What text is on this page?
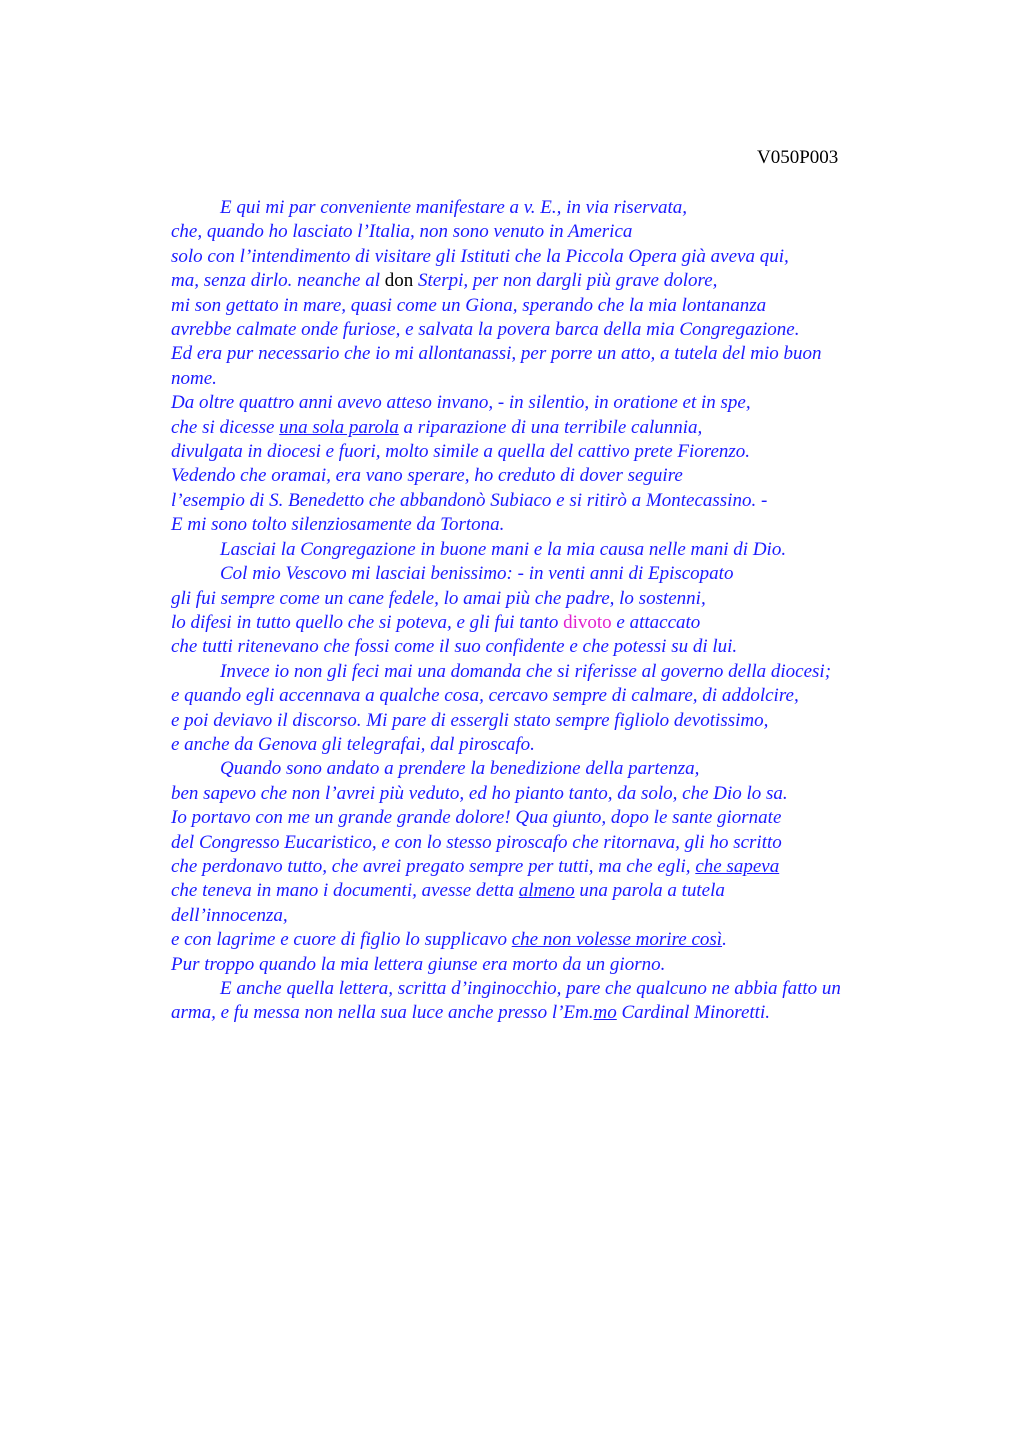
V050P003
E qui mi par conveniente manifestare a v. E., in via riservata,
che, quando ho lasciato l’Italia, non sono venuto in America
solo con l’intendimento di visitare gli Istituti che la Piccola Opera già aveva qui,
ma, senza dirlo. neanche al don Sterpi, per non dargli più grave dolore,
mi son gettato in mare, quasi come un Giona, sperando che la mia lontananza
avrebbe calmate onde furiose, e salvata la povera barca della mia Congregazione.
Ed era pur necessario che io mi allontanassi, per porre un atto, a tutela del mio buon
nome.
Da oltre quattro anni avevo atteso invano, - in silentio, in oratione et in spe,
che si dicesse una sola parola a riparazione di una terribile calunnia,
divulgata in diocesi e fuori, molto simile a quella del cattivo prete Fiorenzo.
Vedendo che oramai, era vano sperare, ho creduto di dover seguire
l’esempio di S. Benedetto che abbandonò Subiaco e si ritirò a Montecassino. -
E mi sono tolto silenziosamente da Tortona.
Lasciai la Congregazione in buone mani e la mia causa nelle mani di Dio.
Col mio Vescovo mi lasciai benissimo: - in venti anni di Episcopato
gli fui sempre come un cane fedele, lo amai più che padre, lo sostenni,
lo difesi in tutto quello che si poteva, e gli fui tanto divoto e attaccato
che tutti ritenevano che fossi come il suo confidente e che potessi su di lui.
Invece io non gli feci mai una domanda che si riferisse al governo della diocesi;
e quando egli accennava a qualche cosa, cercavo sempre di calmare, di addolcire,
e poi deviavo il discorso. Mi pare di essergli stato sempre figliolo devotissimo,
e anche da Genova gli telegrafai, dal piroscafo.
Quando sono andato a prendere la benedizione della partenza,
ben sapevo che non l’avrei più veduto, ed ho pianto tanto, da solo, che Dio lo sa.
Io portavo con me un grande grande dolore! Qua giunto, dopo le sante giornate
del Congresso Eucaristico, e con lo stesso piroscafo che ritornava, gli ho scritto
che perdonavo tutto, che avrei pregato sempre per tutti, ma che egli, che sapeva
che teneva in mano i documenti, avesse detta almeno una parola a tutela
dell’innocenza,
e con lagrime e cuore di figlio lo supplicavo che non volesse morire così.
Pur troppo quando la mia lettera giunse era morto da un giorno.
E anche quella lettera, scritta d’inginocchio, pare che qualcuno ne abbia fatto un
arma, e fu messa non nella sua luce anche presso l’Em.mo Cardinal Minoretti.
